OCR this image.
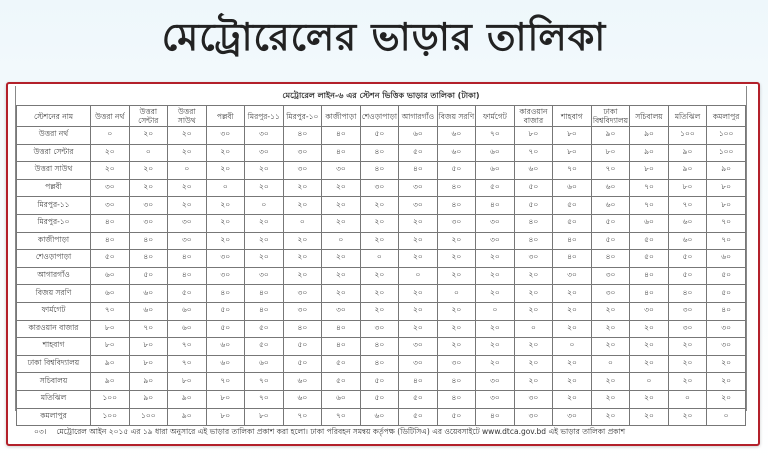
মেট্রোরেলের ভাড়ার তালিকা
মেট্রোরেল লাইন-৬ এর স্টেশন ভিত্তিক ভাড়ার তালিকা (টাকা)
স্টেশনের নাম	উত্তরা নর্থ	উত্তরা সেন্টার	উত্তরা সাউথ	পল্লবী	মিরপুর-১১	মিরপুর-১০	কাজীপাড়া	শেওড়াপাড়া	আগারগাঁও	বিজয় সরণি	ফার্মগেট	কারওয়ান বাজার	শাহবাগ	ঢাকা বিশ্ববিদ্যালয়	সচিবালয়	মতিঝিল	কমলাপুর
উত্তরা নর্থ	০	২০	২০	৩০	৩০	৪০	৪০	৫০	৬০	৬০	৭০	৮০	৮০	৯০	৯০	১০০	১০০
উত্তরা সেন্টার	২০	০	২০	২০	৩০	৩০	৪০	৪০	৫০	৬০	৬০	৭০	৮০	৮০	৯০	৯০	১০০
উত্তরা সাউথ	২০	২০	০	২০	২০	৩০	৩০	৪০	৪০	৫০	৬০	৬০	৭০	৭০	৮০	৯০	৯০
পল্লবী	৩০	২০	২০	০	২০	২০	২০	৩০	৩০	৪০	৫০	৫০	৬০	৬০	৭০	৮০	৮০
মিরপুর-১১	৩০	৩০	২০	২০	০	২০	২০	২০	৩০	৪০	৪০	৫০	৫০	৬০	৭০	৭০	৮০
মিরপুর-১০	৪০	৩০	৩০	২০	২০	০	২০	২০	২০	৩০	৩০	৪০	৫০	৫০	৬০	৬০	৭০
কাজীপাড়া	৪০	৪০	৩০	২০	২০	২০	০	২০	২০	২০	৩০	৪০	৪০	৫০	৫০	৬০	৭০
শেওড়াপাড়া	৫০	৪০	৪০	৩০	২০	২০	২০	০	২০	২০	২০	৩০	৪০	৪০	৫০	৫০	৬০
আগারগাঁও	৬০	৫০	৪০	৩০	৩০	২০	২০	২০	০	২০	২০	২০	৩০	৩০	৪০	৫০	৫০
বিজয় সরণি	৬০	৬০	৫০	৪০	৪০	৩০	২০	২০	২০	০	২০	২০	২০	৩০	৪০	৪০	৫০
ফার্মগেট	৭০	৬০	৬০	৫০	৪০	৩০	৩০	২০	২০	২০	০	২০	২০	২০	৩০	৩০	৪০
কারওয়ান বাজার	৮০	৭০	৬০	৫০	৫০	৪০	৪০	৩০	২০	২০	২০	০	২০	২০	২০	৩০	৩০
শাহবাগ	৮০	৮০	৭০	৬০	৫০	৫০	৪০	৪০	৩০	২০	২০	২০	০	২০	২০	২০	৩০
ঢাকা বিশ্ববিদ্যালয়	৯০	৮০	৭০	৬০	৬০	৫০	৫০	৪০	৩০	৩০	২০	২০	২০	০	২০	২০	২০
সচিবালয়	৯০	৯০	৮০	৭০	৭০	৬০	৫০	৫০	৪০	৪০	৩০	২০	২০	২০	০	২০	২০
মতিঝিল	১০০	৯০	৯০	৮০	৭০	৬০	৬০	৫০	৫০	৪০	৩০	৩০	২০	২০	২০	০	২০
কমলাপুর	১০০	১০০	৯০	৮০	৮০	৭০	৭০	৬০	৫০	৫০	৪০	৩০	৩০	২০	২০	২০	০
০৩। মেট্রোরেল আইন ২০১৫ এর ১৯ ধারা অনুসারে এই ভাড়ার তালিকা প্রকাশ করা হলো। ঢাকা পরিবহন সমন্বয় কর্তৃপক্ষ (ডিটিসিএ) এর ওয়েবসাইটে www.dtca.gov.bd এই ভাড়ার তালিকা প্রকাশ
